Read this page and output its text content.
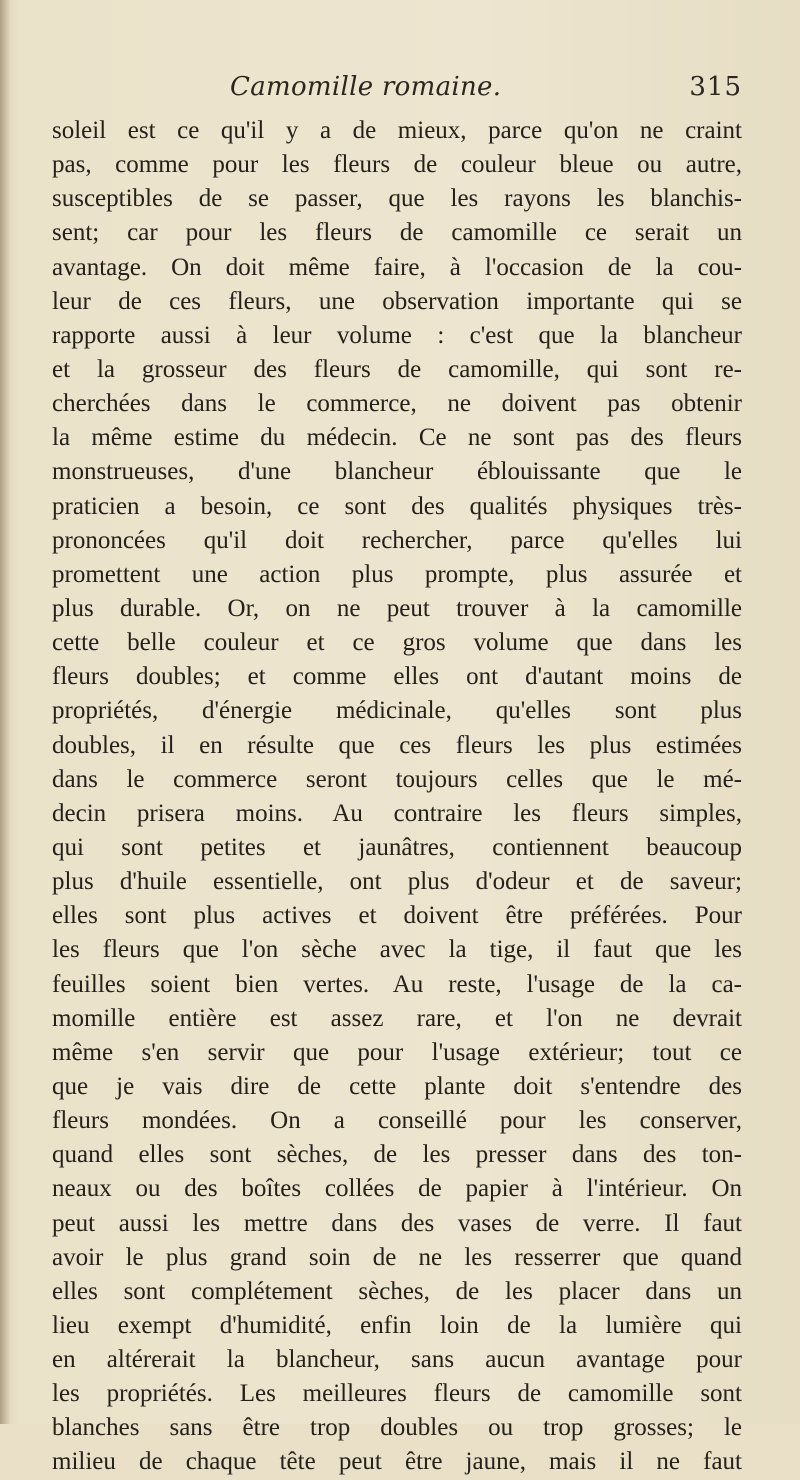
Camomille romaine.	315
soleil est ce qu'il y a de mieux, parce qu'on ne craint
pas, comme pour les fleurs de couleur bleue ou autre,
susceptibles de se passer, que les rayons les blanchis-
sent; car pour les fleurs de camomille ce serait un
avantage. On doit même faire, à l'occasion de la cou-
leur de ces fleurs, une observation importante qui se
rapporte aussi à leur volume : c'est que la blancheur
et la grosseur des fleurs de camomille, qui sont re-
cherchées dans le commerce, ne doivent pas obtenir
la même estime du médecin. Ce ne sont pas des fleurs
monstrueuses, d'une blancheur éblouissante que le
praticien a besoin, ce sont des qualités physiques très-
prononcées qu'il doit rechercher, parce qu'elles lui
promettent une action plus prompte, plus assurée et
plus durable. Or, on ne peut trouver à la camomille
cette belle couleur et ce gros volume que dans les
fleurs doubles; et comme elles ont d'autant moins de
propriétés, d'énergie médicinale, qu'elles sont plus
doubles, il en résulte que ces fleurs les plus estimées
dans le commerce seront toujours celles que le mé-
decin prisera moins. Au contraire les fleurs simples,
qui sont petites et jaunâtres, contiennent beaucoup
plus d'huile essentielle, ont plus d'odeur et de saveur;
elles sont plus actives et doivent être préférées. Pour
les fleurs que l'on sèche avec la tige, il faut que les
feuilles soient bien vertes. Au reste, l'usage de la ca-
momille entière est assez rare, et l'on ne devrait
même s'en servir que pour l'usage extérieur; tout ce
que je vais dire de cette plante doit s'entendre des
fleurs mondées. On a conseillé pour les conserver,
quand elles sont sèches, de les presser dans des ton-
neaux ou des boîtes collées de papier à l'intérieur. On
peut aussi les mettre dans des vases de verre. Il faut
avoir le plus grand soin de ne les resserrer que quand
elles sont complétement sèches, de les placer dans un
lieu exempt d'humidité, enfin loin de la lumière qui
en altérerait la blancheur, sans aucun avantage pour
les propriétés. Les meilleures fleurs de camomille sont
blanches sans être trop doubles ou trop grosses; le
milieu de chaque tête peut être jaune, mais il ne faut
